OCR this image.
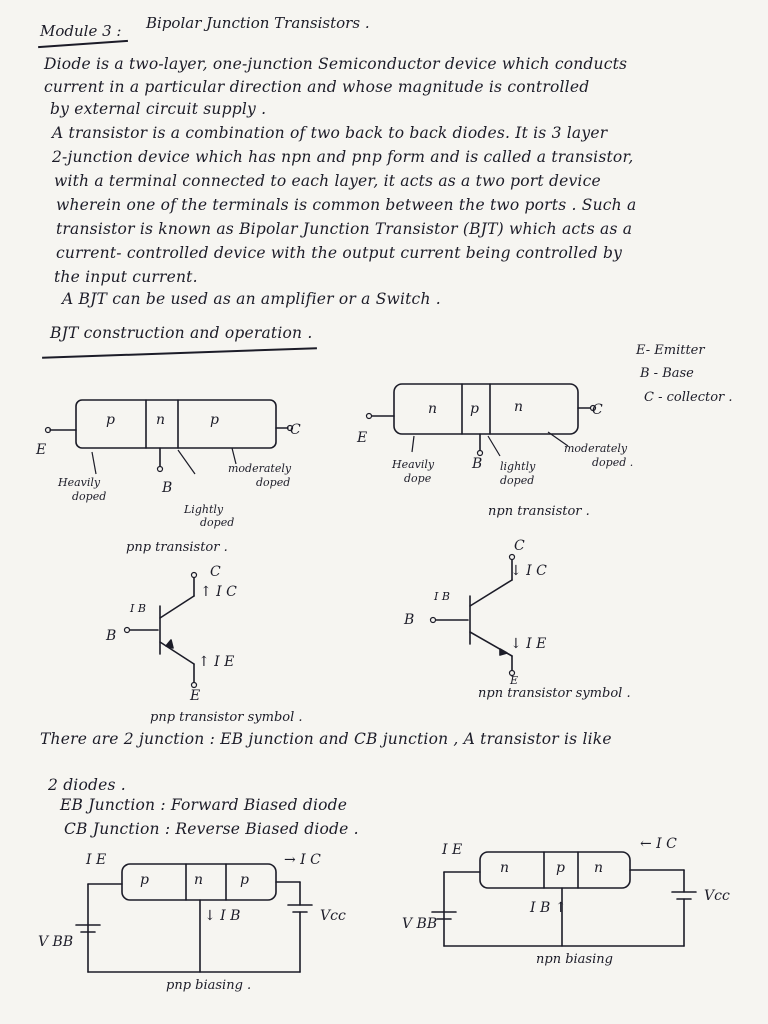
Module 3 : Bipolar Junction Transistors .
Diode is a two-layer, one-junction Semiconductor device which conducts
current in a particular direction and whose magnitude is controlled
by external circuit supply .
A transistor is a combination of two back to back diodes. It is 3 layer
2-junction device which has npn and pnp form and is called a transistor,
with a terminal connected to each layer, it acts as a two port device
wherein one of the terminals is common between the two ports . Such a
transistor is known as Bipolar Junction Transistor (BJT) which acts as a
current- controlled device with the output current being controlled by
the input current.
A BJT can be used as an amplifier or a Switch .
BJT construction and operation .
E- Emitter
B - Base
C - collector .
p	n	p
E
C
B
Heavily
doped
Lightly
doped
moderately
doped
pnp transistor .
n p	n
E
C
B
Heavily
dope
lightly
doped
moderately
doped .
npn transistor .
C
↑ I C
I B
B
↑ I E
E
pnp transistor symbol .
C
↓ I C
I B
B
↓ I E
E
npn transistor symbol .
There are 2 junction : EB junction and CB junction , A transistor is like
2 diodes .
EB Junction : Forward Biased diode
CB Junction : Reverse Biased diode .
p	n	p
I E	→ I C
↓ I B
V BB
Vcc
pnp biasing .
n	p n
I E	← I C
I B ↑
V BB
Vcc
npn biasing
